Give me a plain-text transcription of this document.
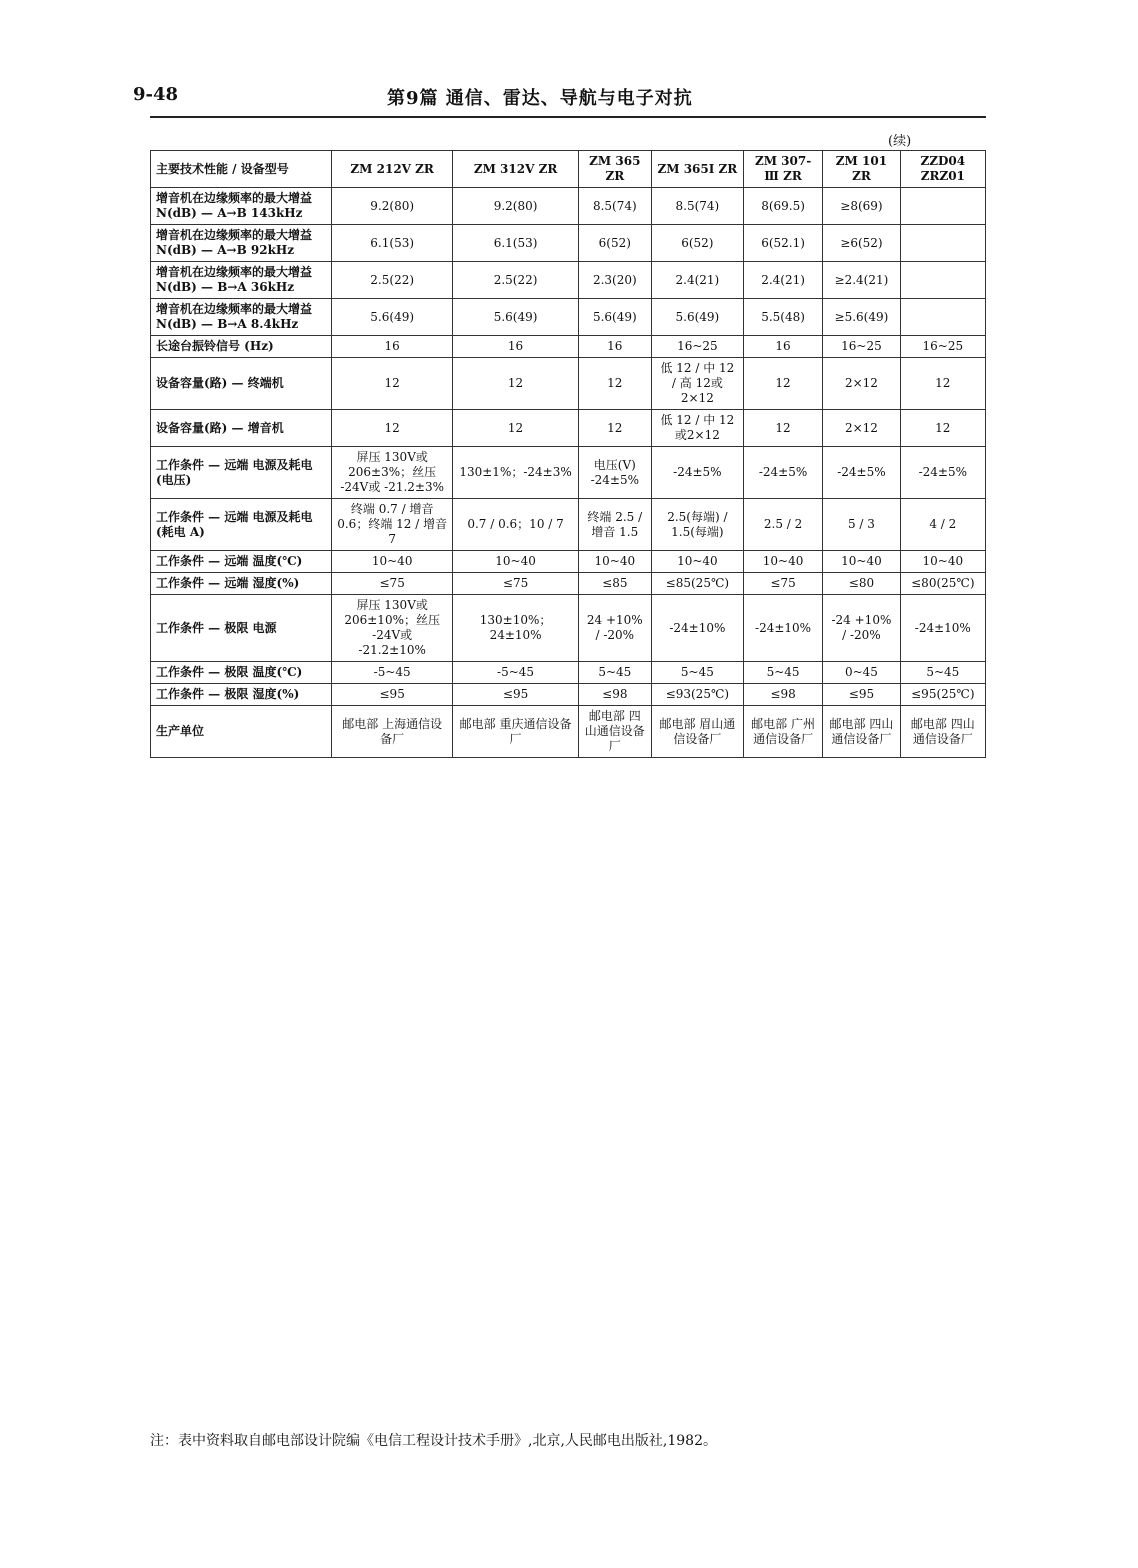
9-48	第9篇 通信、雷达、导航与电子对抗
(续)
主要技术性能 / 设备型号	ZM 212V ZR	ZM 312V ZR	ZM 365 ZR	ZM 365Ⅰ ZR	ZM 307-Ⅲ ZR	ZM 101 ZR	ZZD04 ZRZ01
增音机在边缘频率的最大增益 N(dB) — A→B 143kHz	9.2(80)	9.2(80)	8.5(74)	8.5(74)	8(69.5)	≥8(69)	
增音机在边缘频率的最大增益 N(dB) — A→B 92kHz	6.1(53)	6.1(53)	6(52)	6(52)	6(52.1)	≥6(52)	
增音机在边缘频率的最大增益 N(dB) — B→A 36kHz	2.5(22)	2.5(22)	2.3(20)	2.4(21)	2.4(21)	≥2.4(21)	
增音机在边缘频率的最大增益 N(dB) — B→A 8.4kHz	5.6(49)	5.6(49)	5.6(49)	5.6(49)	5.5(48)	≥5.6(49)	
长途台振铃信号 (Hz)	16	16	16	16~25	16	16~25	16~25
设备容量(路) — 终端机	12	12	12	低 12 / 中 12 / 高 12或2×12	12	2×12	12
设备容量(路) — 增音机	12	12	12	低 12 / 中 12或2×12	12	2×12	12
工作条件 — 远端 电源及耗电 (电压)	屏压 130V或 206±3%；丝压 -24V或 -21.2±3%	130±1%；-24±3%	电压(V) -24±5%	-24±5%	-24±5%	-24±5%	-24±5%
工作条件 — 远端 电源及耗电 (耗电 A)	终端 0.7 / 增音 0.6；终端 12 / 增音 7	0.7 / 0.6；10 / 7	终端 2.5 / 增音 1.5	2.5(每端) / 1.5(每端)	2.5 / 2	5 / 3	4 / 2
工作条件 — 远端 温度(℃)	10~40	10~40	10~40	10~40	10~40	10~40	10~40
工作条件 — 远端 湿度(%)	≤75	≤75	≤85	≤85(25℃)	≤75	≤80	≤80(25℃)
工作条件 — 极限 电源	屏压 130V或 206±10%；丝压 -24V或 -21.2±10%	130±10%；24±10%	24 +10% / -20%	-24±10%	-24±10%	-24 +10% / -20%	-24±10%
工作条件 — 极限 温度(℃)	-5~45	-5~45	5~45	5~45	5~45	0~45	5~45
工作条件 — 极限 湿度(%)	≤95	≤95	≤98	≤93(25℃)	≤98	≤95	≤95(25℃)
生产单位	邮电部 上海通信设备厂	邮电部 重庆通信设备厂	邮电部 四山通信设备厂	邮电部 眉山通信设备厂	邮电部 广州通信设备厂	邮电部 四山通信设备厂	邮电部 四山通信设备厂
注：表中资料取自邮电部设计院编《电信工程设计技术手册》,北京,人民邮电出版社,1982。
